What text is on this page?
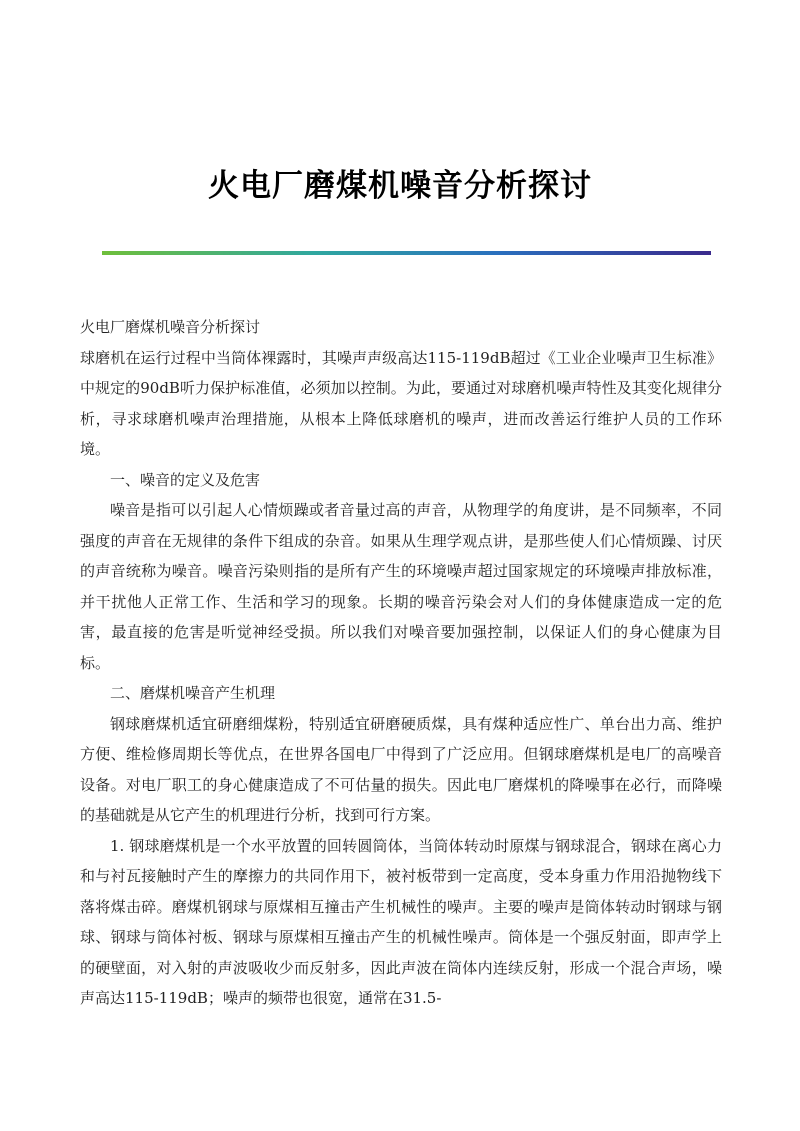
火电厂磨煤机噪音分析探讨

火电厂磨煤机噪音分析探讨

球磨机在运行过程中当筒体裸露时，其噪声声级高达115-119dB超过《工业企业噪声卫生标准》中规定的90dB听力保护标准值，必须加以控制。为此，要通过对球磨机噪声特性及其变化规律分析，寻求球磨机噪声治理措施，从根本上降低球磨机的噪声，进而改善运行维护人员的工作环境。

一、噪音的定义及危害

噪音是指可以引起人心情烦躁或者音量过高的声音，从物理学的角度讲，是不同频率，不同强度的声音在无规律的条件下组成的杂音。如果从生理学观点讲，是那些使人们心情烦躁、讨厌的声音统称为噪音。噪音污染则指的是所有产生的环境噪声超过国家规定的环境噪声排放标准，并干扰他人正常工作、生活和学习的现象。长期的噪音污染会对人们的身体健康造成一定的危害，最直接的危害是听觉神经受损。所以我们对噪音要加强控制，以保证人们的身心健康为目标。

二、磨煤机噪音产生机理

钢球磨煤机适宜研磨细煤粉，特别适宜研磨硬质煤，具有煤种适应性广、单台出力高、维护方便、维检修周期长等优点，在世界各国电厂中得到了广泛应用。但钢球磨煤机是电厂的高噪音设备。对电厂职工的身心健康造成了不可估量的损失。因此电厂磨煤机的降噪事在必行，而降噪的基础就是从它产生的机理进行分析，找到可行方案。

1. 钢球磨煤机是一个水平放置的回转圆筒体，当筒体转动时原煤与钢球混合，钢球在离心力和与衬瓦接触时产生的摩擦力的共同作用下，被衬板带到一定高度，受本身重力作用沿抛物线下落将煤击碎。磨煤机钢球与原煤相互撞击产生机械性的噪声。主要的噪声是筒体转动时钢球与钢球、钢球与筒体衬板、钢球与原煤相互撞击产生的机械性噪声。筒体是一个强反射面，即声学上的硬壁面，对入射的声波吸收少而反射多，因此声波在筒体内连续反射，形成一个混合声场，噪声高达115-119dB；噪声的频带也很宽，通常在31.5-
